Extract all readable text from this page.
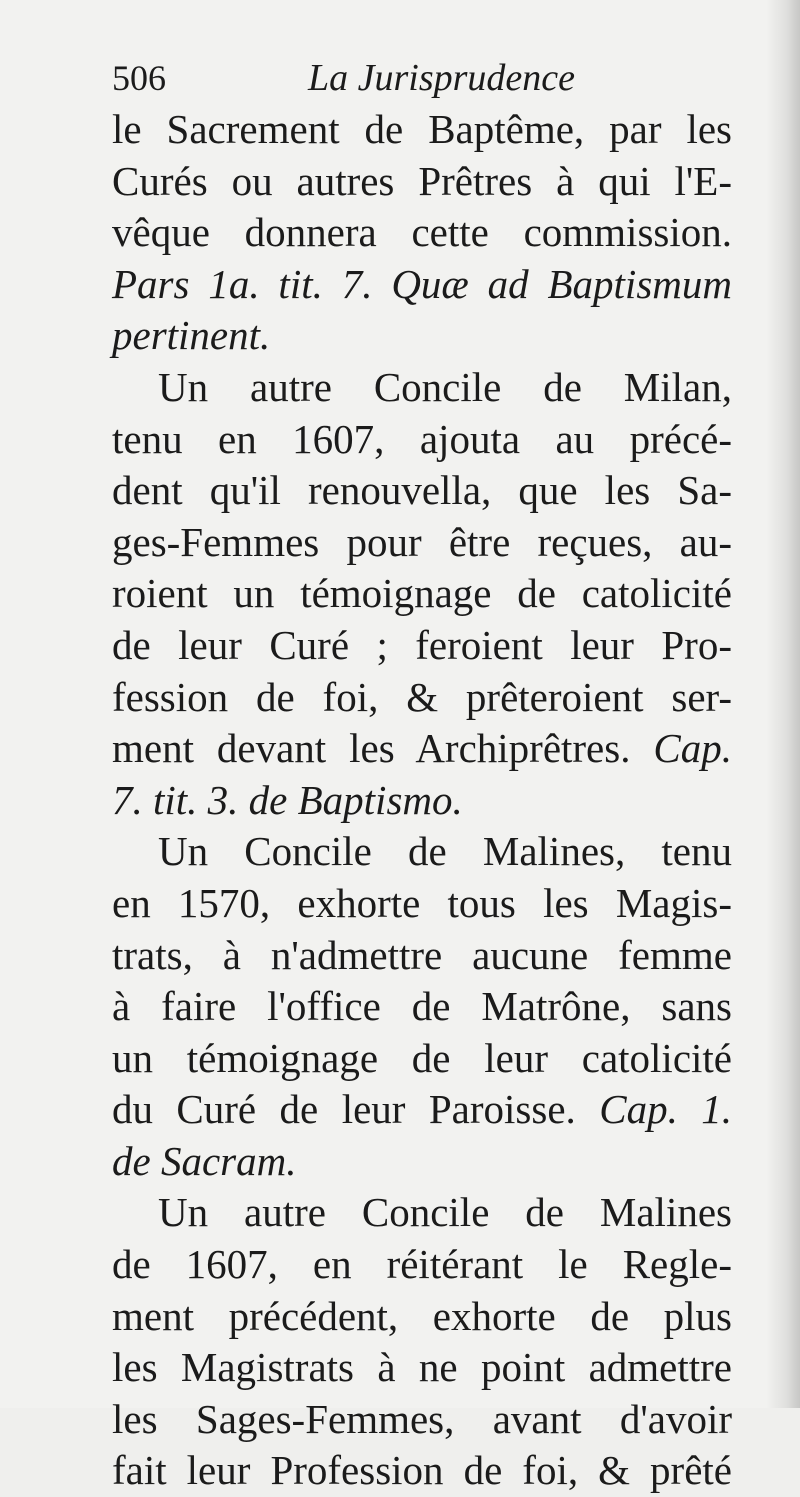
506	La Jurisprudence
le Sacrement de Baptême, par les
Curés ou autres Prêtres à qui l'E-
vêque donnera cette commission.
Pars 1a. tit. 7. Quæ ad Baptismum
pertinent.
Un autre Concile de Milan,
tenu en 1607, ajouta au précé-
dent qu'il renouvella, que les Sa-
ges-Femmes pour être reçues, au-
roient un témoignage de catolicité
de leur Curé ; feroient leur Pro-
fession de foi, & prêteroient ser-
ment devant les Archiprêtres. Cap.
7. tit. 3. de Baptismo.
Un Concile de Malines, tenu
en 1570, exhorte tous les Magis-
trats, à n'admettre aucune femme
à faire l'office de Matrône, sans
un témoignage de leur catolicité
du Curé de leur Paroisse. Cap. 1.
de Sacram.
Un autre Concile de Malines
de 1607, en réitérant le Regle-
ment précédent, exhorte de plus
les Magistrats à ne point admettre
les Sages-Femmes, avant d'avoir
fait leur Profession de foi, & prêté
